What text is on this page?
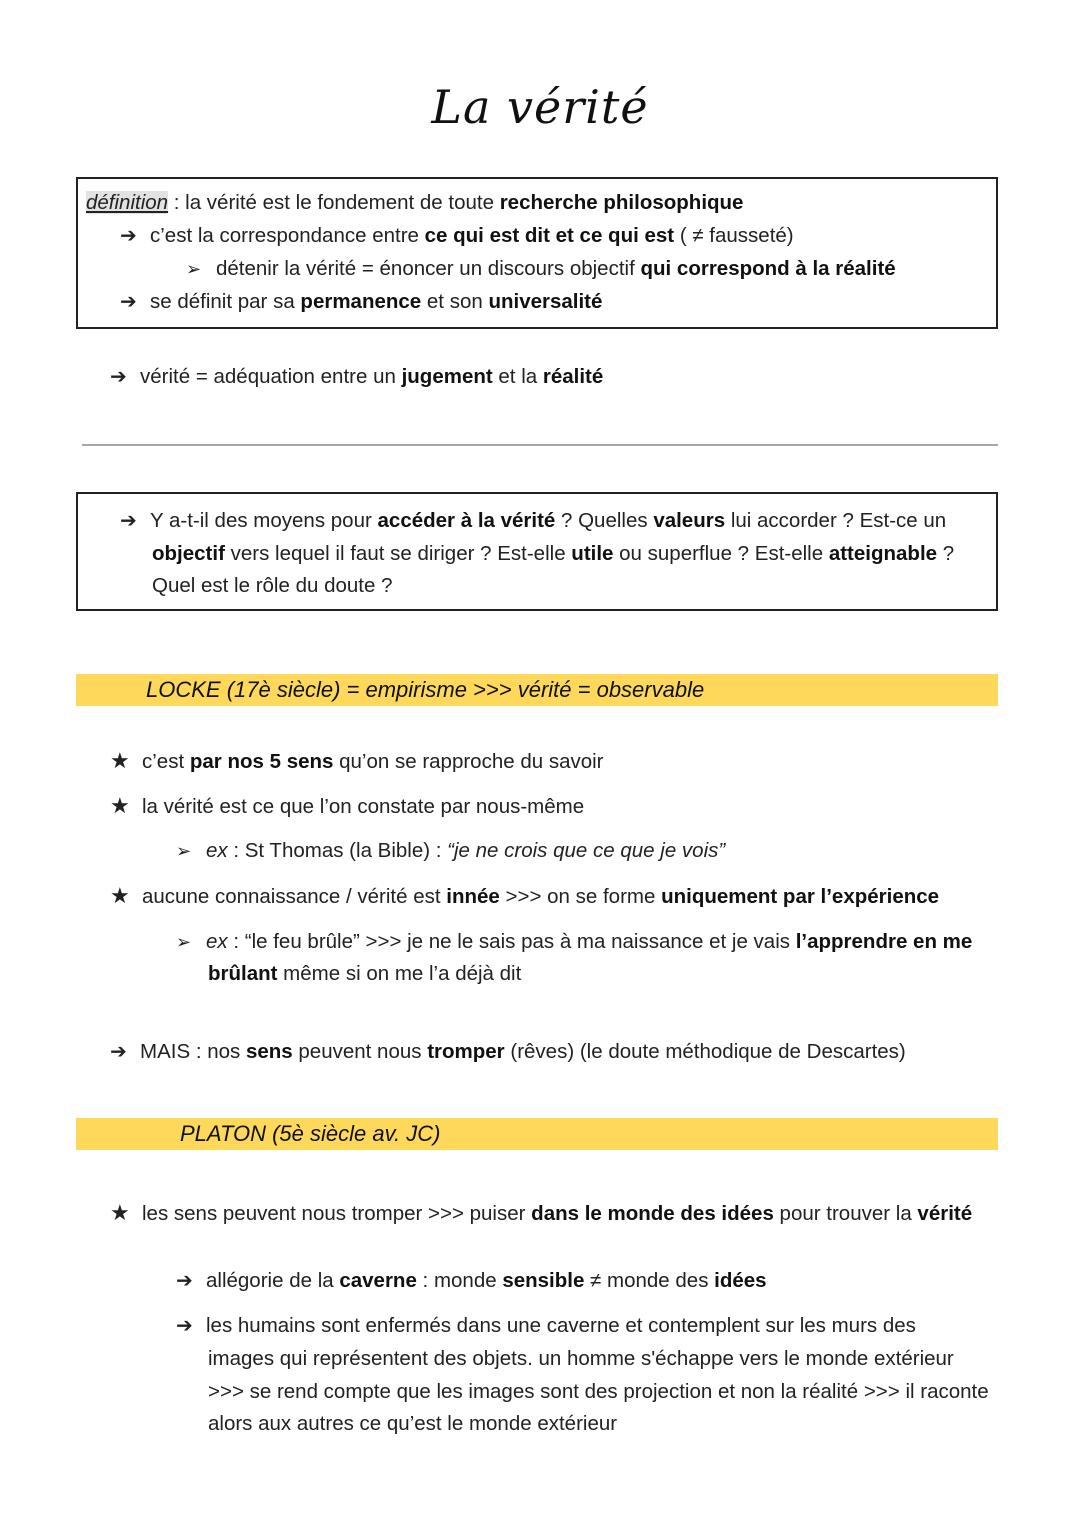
La vérité
définition : la vérité est le fondement de toute recherche philosophique
➔ c’est la correspondance entre ce qui est dit et ce qui est ( ≠ fausseté)
➢ détenir la vérité = énoncer un discours objectif qui correspond à la réalité
➔ se définit par sa permanence et son universalité
➔ vérité = adéquation entre un jugement et la réalité
➔ Y a-t-il des moyens pour accéder à la vérité ? Quelles valeurs lui accorder ? Est-ce un
objectif vers lequel il faut se diriger ? Est-elle utile ou superflue ? Est-elle atteignable ?
Quel est le rôle du doute ?
LOCKE (17è siècle) = empirisme >>> vérité = observable
★ c’est par nos 5 sens qu’on se rapproche du savoir
★ la vérité est ce que l’on constate par nous-même
➢ ex : St Thomas (la Bible) : “je ne crois que ce que je vois”
★ aucune connaissance / vérité est innée >>> on se forme uniquement par l’expérience
➢ ex : “le feu brûle” >>> je ne le sais pas à ma naissance et je vais l’apprendre en me
brûlant même si on me l’a déjà dit
➔ MAIS : nos sens peuvent nous tromper (rêves) (le doute méthodique de Descartes)
PLATON (5è siècle av. JC)
★ les sens peuvent nous tromper >>> puiser dans le monde des idées pour trouver la vérité
➔ allégorie de la caverne : monde sensible ≠ monde des idées
➔ les humains sont enfermés dans une caverne et contemplent sur les murs des
images qui représentent des objets. un homme s'échappe vers le monde extérieur
>>> se rend compte que les images sont des projection et non la réalité >>> il raconte
alors aux autres ce qu’est le monde extérieur
